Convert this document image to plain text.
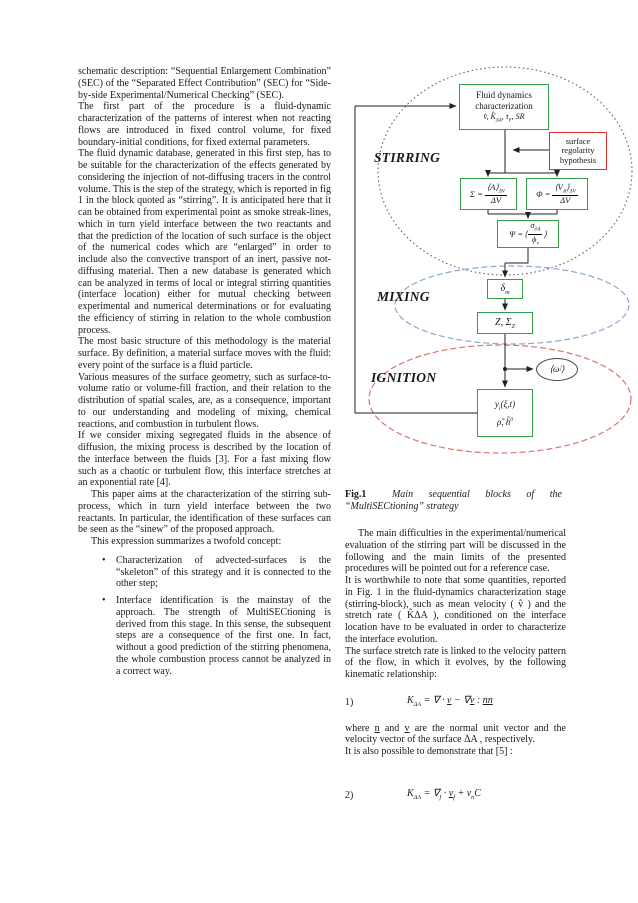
schematic description: “Sequential Enlargement Combination” (SEC) of the “Separated Effect Contribution” (SEC) for “Side-by-side Experimental/Numerical Checking” (SEC).

The first part of the procedure is a fluid-dynamic characterization of the patterns of interest when not reacting flows are introduced in fixed control volume, for fixed boundary-initial conditions, for fixed external parameters.

The fluid dynamic database, generated in this first step, has to be suitable for the characterization of the effects generated by considering the injection of not-diffusing tracers in the control volume. This is the step of the strategy, which is reported in fig 1 in the block quoted as “stirring”. It is anticipated here that it can be obtained from experimental point as smoke streak-lines, which in turn yield interface between the two reactants and that the prediction of the location of such surface is the object of the numerical codes which are “enlarged” in order to include also the convective transport of an inert, passive not-diffusing material. Then a new database is generated which can be analyzed in terms of local or integral stirring quantities (interface location) either for mutual checking between experimental and numerical determinations or for evaluating the efficiency of stirring in relation to the whole combustion process.

The most basic structure of this methodology is the material surface. By definition, a material surface moves with the fluid: every point of the surface is a fluid particle.

Various measures of the surface geometry, such as surface-to-volume ratio or volume-fill fraction, and their relation to the distribution of spatial scales, are, as a consequence, important to our understanding and modeling of mixing, chemical reactions, and combustion in turbulent flows.

If we consider mixing segregated fluids in the absence of diffusion, the mixing process is described by the location of the interface between the fluids [3]. For a fast mixing flow such as a chaotic or turbulent flow, this interface stretches at an exponential rate [4].

This paper aims at the characterization of the stirring sub-process, which in turn yield interface between the two reactants. In particular, the identification of these surfaces can be seen as the “sinew” of the proposed approach.

This expression summarizes a twofold concept:

•	Characterization of advected-surfaces is the “skeleton” of this strategy and it is connected to the other step;
•	Interface identification is the mainstay of the approach. The strength of MultiSECtioning is derived from this stage. In this sense, the subsequent steps are a consequence of the first one. In fact, without a good prediction of the stirring phenomena, the whole combustion process cannot be analyzed in a correct way.
STIRRING
MIXING
IGNITION
Fluid dynamics
characterization
v̂, $K̂_{\Delta A}$, $\tau_F$, SR
surface regolarity hypothesis
$\Sigma = \frac{⟨A⟩_{\Delta V}}{\Delta V}$	$\Phi = \frac{⟨V_A⟩_{\Delta V}}{\Delta V}$
Ψ = ⟨ $\frac{\sigma_{\partial A}}{\phi_v}$ ⟩
$\delta_m$
Z, $\Sigma_Z$
⟨ω̇ i ⟩
$y_i(\xi,t)$
ρ̂, h̃$^0$
Fig.1	Main sequential blocks of the “MultiSECtioning” strategy

The main difficulties in the experimental/numerical evaluation of the stirring part will be discussed in the following and the main limits of the presented procedures will be pointed out for a reference case.

It is worthwhile to note that some quantities, reported in Fig. 1 in the fluid-dynamics characterization stage (stirring-block), such as mean velocity ( v̂ ) and the stretch rate ( K̂ΔA ), conditioned on the interface location have to be evaluated in order to characterize the interface evolution.

The surface stretch rate is linked to the velocity pattern of the flow, in which it evolves, by the following kinematic relationship:

1)	$K_{\Delta A}$ = ∇ · v − ∇v : nn

where n and v are the normal unit vector and the velocity vector of the surface ΔA , respectively.

It is also possible to demonstrate that [5] :

2)	$K_{\Delta A} = \nabla_f \cdot v_f + v_nC$
